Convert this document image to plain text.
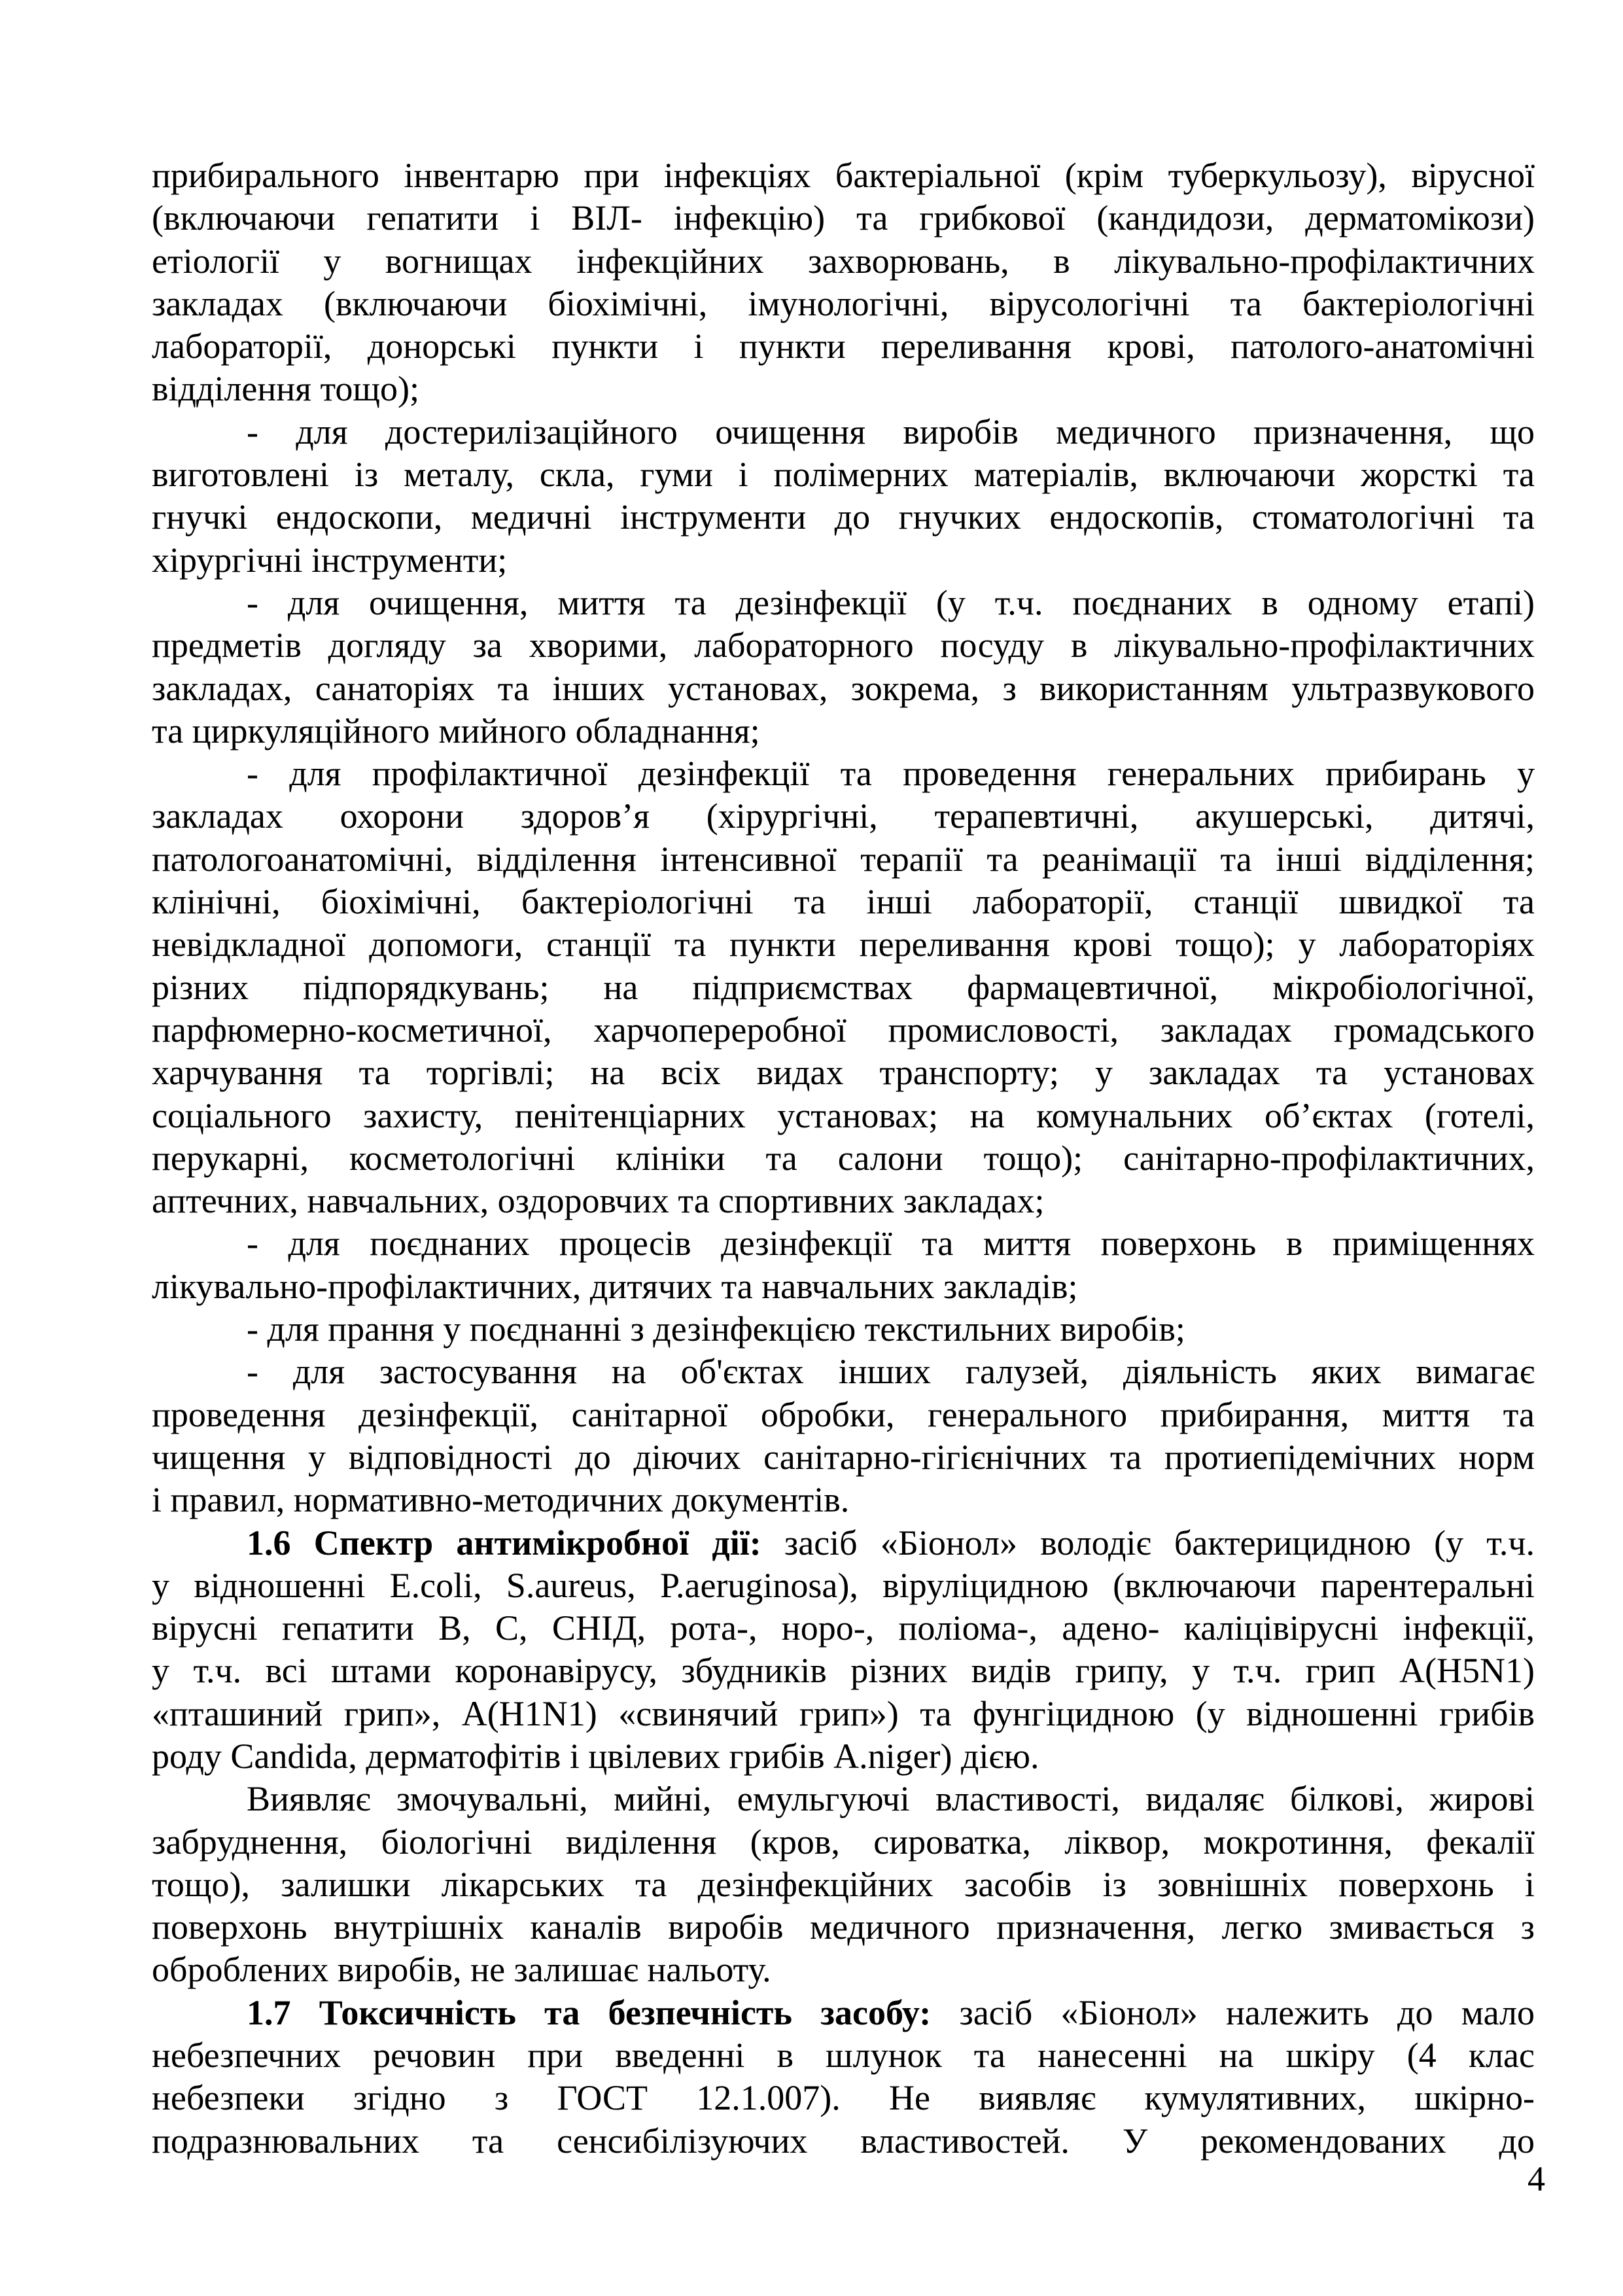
прибирального інвентарю при інфекціях бактеріальної (крім туберкульозу), вірусної
(включаючи гепатити і ВІЛ- інфекцію) та грибкової (кандидози, дерматомікози)
етіології у вогнищах інфекційних захворювань, в лікувально-профілактичних
закладах (включаючи біохімічні, імунологічні, вірусологічні та бактеріологічні
лабораторії, донорські пункти і пункти переливання крові, патолого-анатомічні
відділення тощо);
- для достерилізаційного очищення виробів медичного призначення, що
виготовлені із металу, скла, гуми і полімерних матеріалів, включаючи жорсткі та
гнучкі ендоскопи, медичні інструменти до гнучких ендоскопів, стоматологічні та
хірургічні інструменти;
- для очищення, миття та дезінфекції (у т.ч. поєднаних в одному етапі)
предметів догляду за хворими, лабораторного посуду в лікувально-профілактичних
закладах, санаторіях та інших установах, зокрема, з використанням ультразвукового
та циркуляційного мийного обладнання;
- для профілактичної дезінфекції та проведення генеральних прибирань у
закладах охорони здоров’я (хірургічні, терапевтичні, акушерські, дитячі,
патологоанатомічні, відділення інтенсивної терапії та реанімації та інші відділення;
клінічні, біохімічні, бактеріологічні та інші лабораторії, станції швидкої та
невідкладної допомоги, станції та пункти переливання крові тощо); у лабораторіях
різних підпорядкувань; на підприємствах фармацевтичної, мікробіологічної,
парфюмерно-косметичної, харчопереробної промисловості, закладах громадського
харчування та торгівлі; на всіх видах транспорту; у закладах та установах
соціального захисту, пенітенціарних установах; на комунальних об’єктах (готелі,
перукарні, косметологічні клініки та салони тощо); санітарно-профілактичних,
аптечних, навчальних, оздоровчих та спортивних закладах;
- для поєднаних процесів дезінфекції та миття поверхонь в приміщеннях
лікувально-профілактичних, дитячих та навчальних закладів;
- для прання у поєднанні з дезінфекцією текстильних виробів;
- для застосування на об'єктах інших галузей, діяльність яких вимагає
проведення дезінфекції, санітарної обробки, генерального прибирання, миття та
чищення у відповідності до діючих санітарно-гігієнічних та протиепідемічних норм
і правил, нормативно-методичних документів.
1.6 Спектр антимікробної дії: засіб «Біонол» володіє бактерицидною (у т.ч.
у відношенні E.coli, S.aureus, P.aeruginosa), віруліцидною (включаючи парентеральні
вірусні гепатити В, С, СНІД, рота-, норо-, поліома-, адено- каліцівірусні інфекції,
у т.ч. всі штами коронавірусу, збудників різних видів грипу, у т.ч. грип А(H5N1)
«пташиний грип», А(H1N1) «свинячий грип») та фунгіцидною (у відношенні грибів
роду Candida, дерматофітів і цвілевих грибів A.niger) дією.
Виявляє змочувальні, мийні, емульгуючі властивості, видаляє білкові, жирові
забруднення, біологічні виділення (кров, сироватка, ліквор, мокротиння, фекалії
тощо), залишки лікарських та дезінфекційних засобів із зовнішніх поверхонь і
поверхонь внутрішніх каналів виробів медичного призначення, легко змивається з
оброблених виробів, не залишає нальоту.
1.7 Токсичність та безпечність засобу: засіб «Біонол» належить до мало
небезпечних речовин при введенні в шлунок та нанесенні на шкіру (4 клас
небезпеки згідно з ГОСТ 12.1.007). Не виявляє кумулятивних, шкірно-
подразнювальних та сенсибілізуючих властивостей. У рекомендованих до
4
